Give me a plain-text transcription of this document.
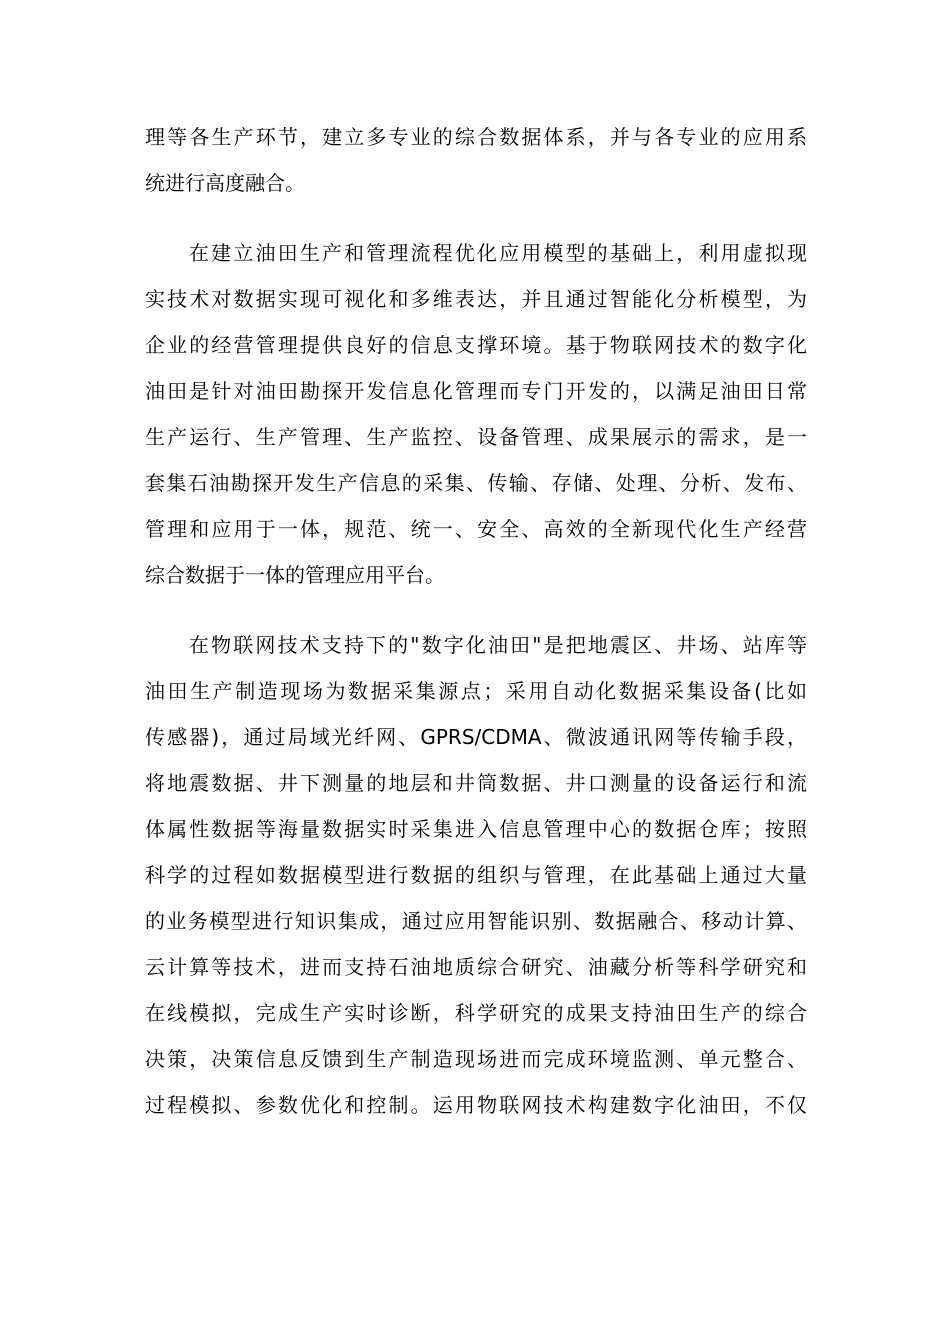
理等各生产环节，建立多专业的综合数据体系，并与各专业的应用系
统进行高度融合。
在建立油田生产和管理流程优化应用模型的基础上，利用虚拟现
实技术对数据实现可视化和多维表达，并且通过智能化分析模型，为
企业的经营管理提供良好的信息支撑环境。基于物联网技术的数字化
油田是针对油田勘探开发信息化管理而专门开发的，以满足油田日常
生产运行、生产管理、生产监控、设备管理、成果展示的需求，是一
套集石油勘探开发生产信息的采集、传输、存储、处理、分析、发布、
管理和应用于一体，规范、统一、安全、高效的全新现代化生产经营
综合数据于一体的管理应用平台。
在物联网技术支持下的"数字化油田"是把地震区、井场、站库等
油田生产制造现场为数据采集源点；采用自动化数据采集设备(比如
传感器)，通过局域光纤网、GPRS/CDMA、微波通讯网等传输手段，
将地震数据、井下测量的地层和井筒数据、井口测量的设备运行和流
体属性数据等海量数据实时采集进入信息管理中心的数据仓库；按照
科学的过程如数据模型进行数据的组织与管理，在此基础上通过大量
的业务模型进行知识集成，通过应用智能识别、数据融合、移动计算、
云计算等技术，进而支持石油地质综合研究、油藏分析等科学研究和
在线模拟，完成生产实时诊断，科学研究的成果支持油田生产的综合
决策，决策信息反馈到生产制造现场进而完成环境监测、单元整合、
过程模拟、参数优化和控制。运用物联网技术构建数字化油田，不仅
